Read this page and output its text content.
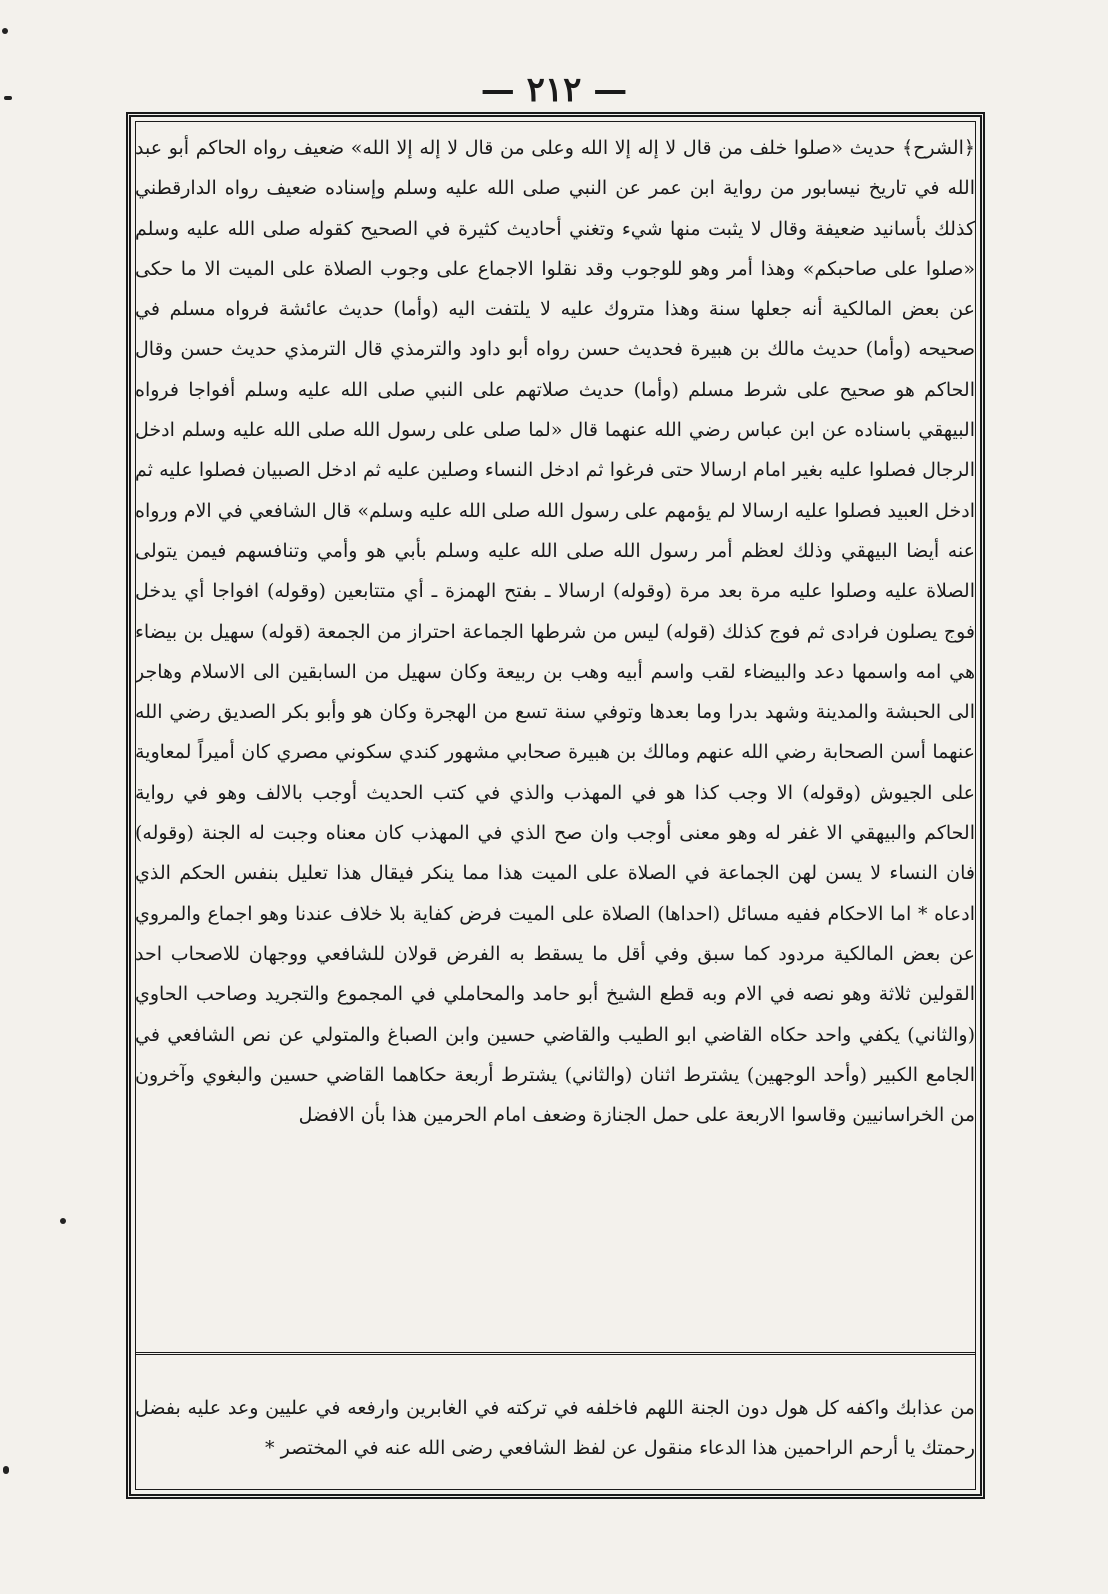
— ٢١٢ —

﴿الشرح﴾ حديث «صلوا خلف من قال لا إله إلا الله وعلى من قال لا إله إلا الله» ضعيف رواه الحاكم أبو عبد الله في تاريخ نيسابور من رواية ابن عمر عن النبي صلى الله عليه وسلم وإسناده ضعيف رواه الدارقطني كذلك بأسانيد ضعيفة وقال لا يثبت منها شيء وتغني أحاديث كثيرة في الصحيح كقوله صلى الله عليه وسلم «صلوا على صاحبكم» وهذا أمر وهو للوجوب وقد نقلوا الاجماع على وجوب الصلاة على الميت الا ما حكى عن بعض المالكية أنه جعلها سنة وهذا متروك عليه لا يلتفت اليه (وأما) حديث عائشة فرواه مسلم في صحيحه (وأما) حديث مالك بن هبيرة فحديث حسن رواه أبو داود والترمذي قال الترمذي حديث حسن وقال الحاكم هو صحيح على شرط مسلم (وأما) حديث صلاتهم على النبي صلى الله عليه وسلم أفواجا فرواه البيهقي باسناده عن ابن عباس رضي الله عنهما قال «لما صلى على رسول الله صلى الله عليه وسلم ادخل الرجال فصلوا عليه بغير امام ارسالا حتى فرغوا ثم ادخل النساء وصلين عليه ثم ادخل الصبيان فصلوا عليه ثم ادخل العبيد فصلوا عليه ارسالا لم يؤمهم على رسول الله صلى الله عليه وسلم» قال الشافعي في الام ورواه عنه أيضا البيهقي وذلك لعظم أمر رسول الله صلى الله عليه وسلم بأبي هو وأمي وتنافسهم فيمن يتولى الصلاة عليه وصلوا عليه مرة بعد مرة (وقوله) ارسالا ـ بفتح الهمزة ـ أي متتابعين (وقوله) افواجا أي يدخل فوج يصلون فرادى ثم فوج كذلك (قوله) ليس من شرطها الجماعة احتراز من الجمعة (قوله) سهيل بن بيضاء هي امه واسمها دعد والبيضاء لقب واسم أبيه وهب بن ربيعة وكان سهيل من السابقين الى الاسلام وهاجر الى الحبشة والمدينة وشهد بدرا وما بعدها وتوفي سنة تسع من الهجرة وكان هو وأبو بكر الصديق رضي الله عنهما أسن الصحابة رضي الله عنهم ومالك بن هبيرة صحابي مشهور كندي سكوني مصري كان أميراً لمعاوية على الجيوش (وقوله) الا وجب كذا هو في المهذب والذي في كتب الحديث أوجب بالالف وهو في رواية الحاكم والبيهقي الا غفر له وهو معنى أوجب وان صح الذي في المهذب كان معناه وجبت له الجنة (وقوله) فان النساء لا يسن لهن الجماعة في الصلاة على الميت هذا مما ينكر فيقال هذا تعليل بنفس الحكم الذي ادعاه * اما الاحكام ففيه مسائل (احداها) الصلاة على الميت فرض كفاية بلا خلاف عندنا وهو اجماع والمروي عن بعض المالكية مردود كما سبق وفي أقل ما يسقط به الفرض قولان للشافعي ووجهان للاصحاب احد القولين ثلاثة وهو نصه في الام وبه قطع الشيخ أبو حامد والمحاملي في المجموع والتجريد وصاحب الحاوي (والثاني) يكفي واحد حكاه القاضي ابو الطيب والقاضي حسين وابن الصباغ والمتولي عن نص الشافعي في الجامع الكبير (وأحد الوجهين) يشترط اثنان (والثاني) يشترط أربعة حكاهما القاضي حسين والبغوي وآخرون من الخراسانيين وقاسوا الاربعة على حمل الجنازة وضعف امام الحرمين هذا بأن الافضل

من عذابك واكفه كل هول دون الجنة اللهم فاخلفه في تركته في الغابرين وارفعه في عليين وعد عليه بفضل رحمتك يا أرحم الراحمين هذا الدعاء منقول عن لفظ الشافعي رضى الله عنه في المختصر *
